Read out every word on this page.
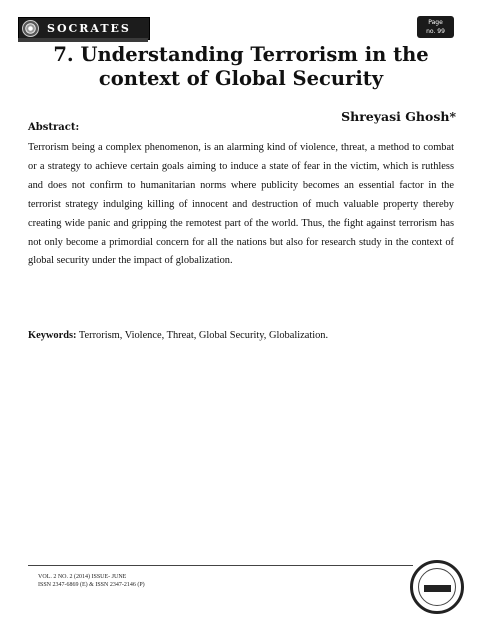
SOCRATES	Page
no. 99
7. Understanding Terrorism in the context of Global Security

Shreyasi Ghosh*

Abstract:

Terrorism being a complex phenomenon, is an alarming kind of violence, threat, a method to combat or a strategy to achieve certain goals aiming to induce a state of fear in the victim, which is ruthless and does not confirm to humanitarian norms where publicity becomes an essential factor in the terrorist strategy indulging killing of innocent and destruction of much valuable property thereby creating wide panic and gripping the remotest part of the world. Thus, the fight against terrorism has not only become a primordial concern for all the nations but also for research study in the context of global security under the impact of globalization.

Keywords: Terrorism, Violence, Threat, Global Security, Globalization.

VOL. 2 NO. 2 (2014) ISSUE- JUNE
ISSN 2347-6869 (E) & ISSN 2347-2146 (P)
